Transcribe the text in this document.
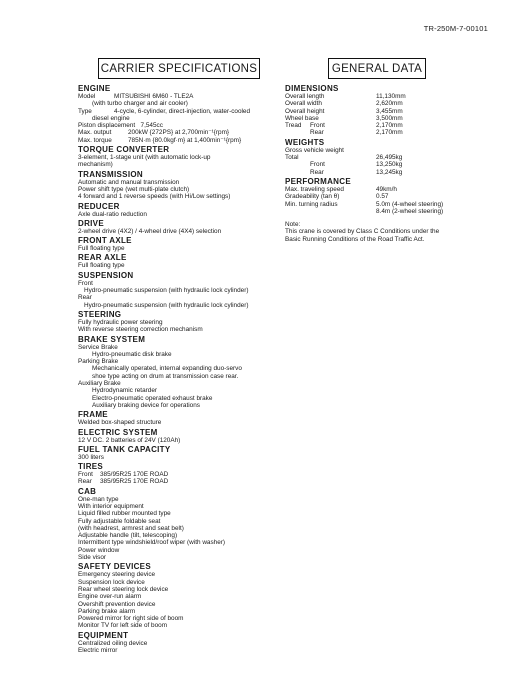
TR-250M-7-00101
CARRIER SPECIFICATIONS	GENERAL DATA
ENGINE
Model	MITSUBISHI 6M60 - TLE2A
(with turbo charger and air cooler)
Type	4-cycle, 6-cylinder, direct-injection, water-cooled
diesel engine
Piston displacement   7,545cc
Max. output	200kW {272PS} at 2,700min⁻¹{rpm}
Max. torque	785N·m {80.0kgf·m} at 1,400min⁻¹{rpm}
TORQUE CONVERTER
3-element, 1-stage unit (with automatic lock-up
mechanism)
TRANSMISSION
Automatic and manual transmission
Power shift type (wet multi-plate clutch)
4 forward and 1 reverse speeds (with Hi/Low settings)
REDUCER
Axle dual-ratio reduction
DRIVE
2-wheel drive (4X2) / 4-wheel drive (4X4) selection
FRONT AXLE
Full floating type
REAR AXLE
Full floating type
SUSPENSION
Front
Hydro-pneumatic suspension (with hydraulic lock cylinder)
Rear
Hydro-pneumatic suspension (with hydraulic lock cylinder)
STEERING
Fully hydraulic power steering
With reverse steering correction mechanism
BRAKE SYSTEM
Service Brake
Hydro-pneumatic disk brake
Parking Brake
Mechanically operated, internal expanding duo-servo
shoe type acting on drum at transmission case rear.
Auxiliary Brake
Hydrodynamic retarder
Electro-pneumatic operated exhaust brake
Auxiliary braking device for operations
FRAME
Welded box-shaped structure
ELECTRIC SYSTEM
12 V DC. 2 batteries of 24V (120Ah)
FUEL TANK CAPACITY
300 liters
TIRES
Front	385/95R25 170E ROAD
Rear	385/95R25 170E ROAD
CAB
One-man type
With interior equipment
Liquid filled rubber mounted type
Fully adjustable foldable seat
(with headrest, armrest and seat belt)
Adjustable handle (tilt, telescoping)
Intermittent type windshield/roof wiper (with washer)
Power window
Side visor
SAFETY DEVICES
Emergency steering device
Suspension lock device
Rear wheel steering lock device
Engine over-run alarm
Overshift prevention device
Parking brake alarm
Powered mirror for right side of boom
Monitor TV for left side of boom
EQUIPMENT
Centralized oiling device
Electric mirror
DIMENSIONS
Overall length	11,130mm
Overall width	2,620mm
Overall height	3,455mm
Wheel base	3,500mm
Tread	Front	2,170mm
Rear	2,170mm
WEIGHTS
Gross vehicle weight
Total	26,495kg
Front	13,250kg
Rear	13,245kg
PERFORMANCE
Max. traveling speed	49km/h
Gradeability (tan θ)	0.57
Min. turning radius	5.0m (4-wheel steering)
8.4m (2-wheel steering)
Note:
This crane is covered by Class C Conditions under the
Basic Running Conditions of the Road Traffic Act.
